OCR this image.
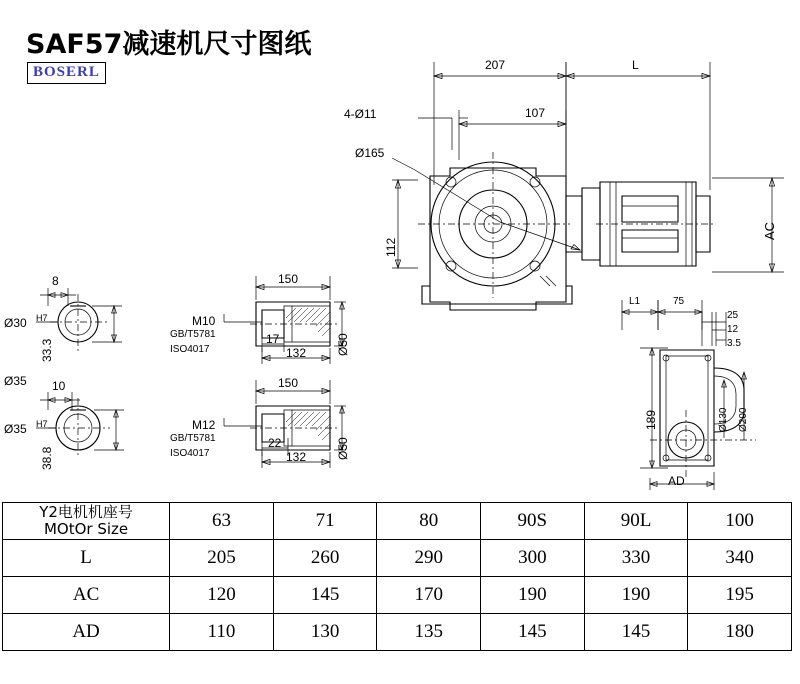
SAF57减速机尺寸图纸
BOSERL	207	L
107
4-Ø11
Ø165
112
AC
8
Ø30 H7
33.3
Ø35 10
Ø35 H7
38.8
150
M10
GB/T5781
ISO4017
17
132 Ø50
150
M12
GB/T5781
ISO4017
22
132 Ø50
L1	75
25
12
3.5
189	Ø130 Ø200
AD
Y2电机机座号
MOtOr Size	63	71	80	90S	90L	100
L	205	260	290	300	330	340
AC	120	145	170	190	190	195
AD	110	130	135	145	145	180
